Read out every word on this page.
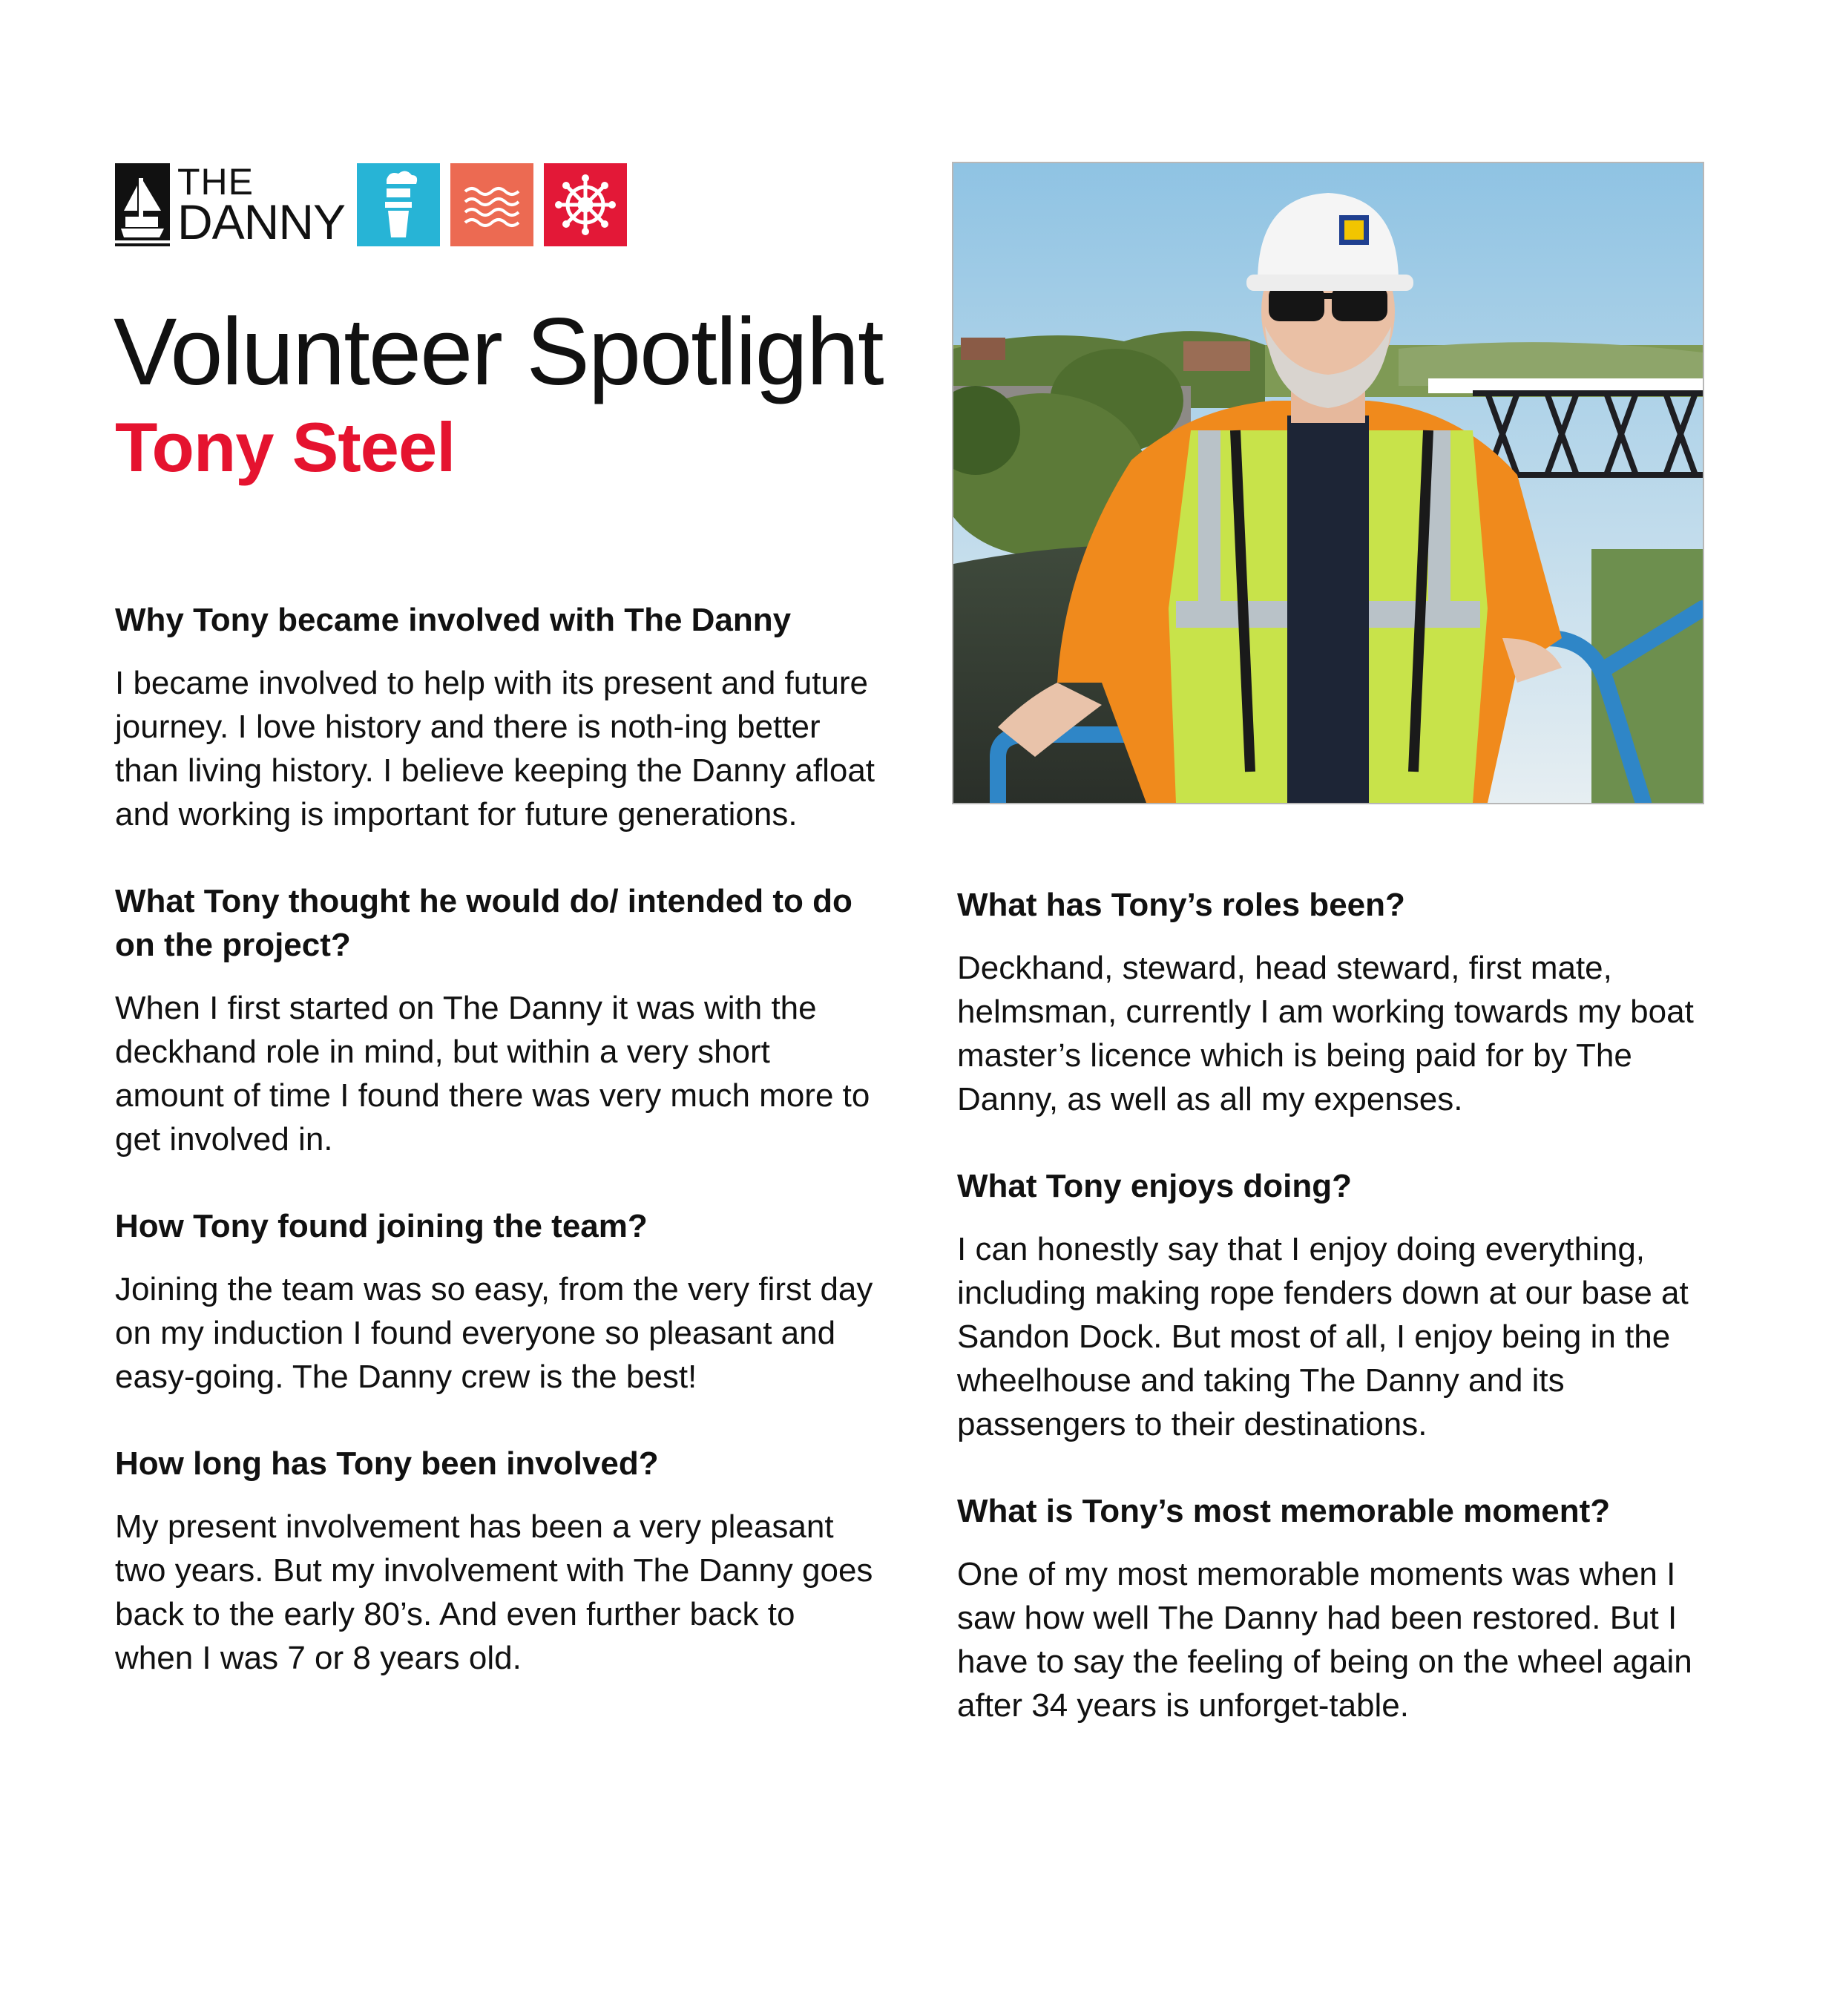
THE
DANNY
Volunteer Spotlight
Tony Steel
Why Tony became involved with The Danny

I became involved to help with its present and future journey. I love history and there is noth-ing better than living history. I believe keeping the Danny afloat and working is important for future generations.

What Tony thought he would do/ intended to do on the project?

When I first started on The Danny it was with the deckhand role in mind, but within a very short amount of time I found there was very much more to get involved in.

How Tony found joining the team?

Joining the team was so easy, from the very first day on my induction I found everyone so pleasant and easy-going. The Danny crew is the best!

How long has Tony been involved?

My present involvement has been a very pleasant two years. But my involvement with The Danny goes back to the early 80’s. And even further back to when I was 7 or 8 years old.

What has Tony’s roles been?

Deckhand, steward, head steward, first mate, helmsman, currently I am working towards my boat master’s licence which is being paid for by The Danny, as well as all my expenses.

What Tony enjoys doing?

I can honestly say that I enjoy doing everything, including making rope fenders down at our base at Sandon Dock. But most of all, I enjoy being in the wheelhouse and taking The Danny and its passengers to their destinations.

What is Tony’s most memorable moment?

One of my most memorable moments was when I saw how well The Danny had been restored. But I have to say the feeling of being on the wheel again after 34 years is unforget-table.
